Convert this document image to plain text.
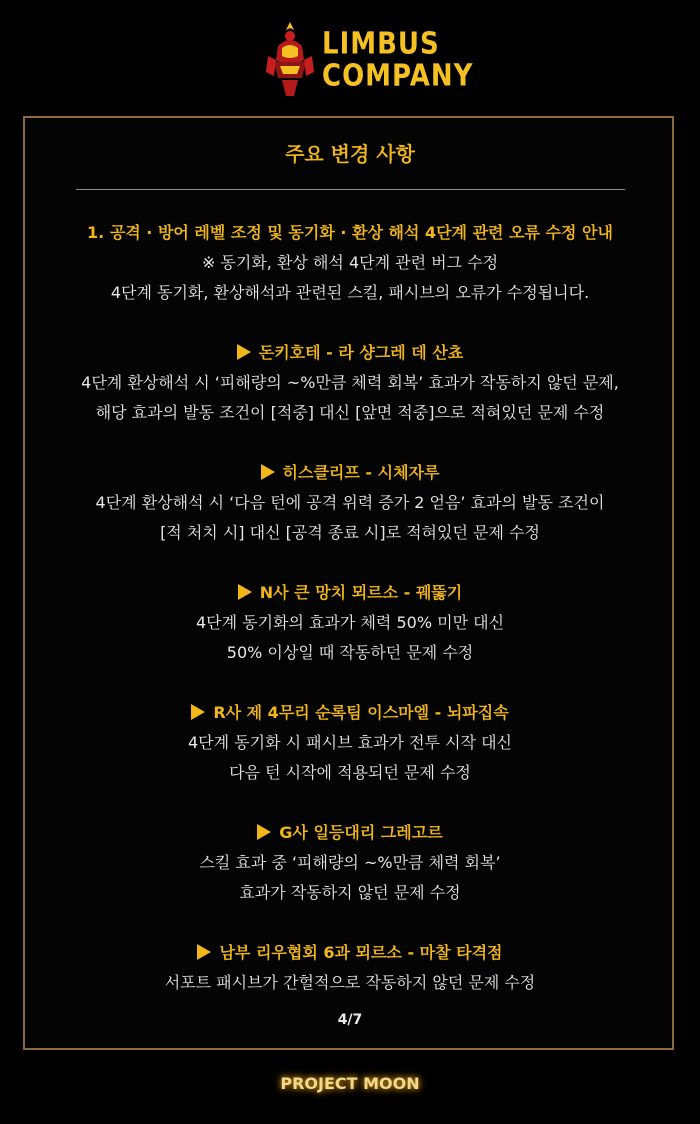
LIMBUS
COMPANY
주요 변경 사항
1. 공격 · 방어 레벨 조정 및 동기화 · 환상 해석 4단계 관련 오류 수정 안내
※ 동기화, 환상 해석 4단계 관련 버그 수정
4단계 동기화, 환상해석과 관련된 스킬, 패시브의 오류가 수정됩니다.
돈키호테 - 라 샹그레 데 산쵸
4단계 환상해석 시 ‘피해량의 ~%만큼 체력 회복’ 효과가 작동하지 않던 문제,
해당 효과의 발동 조건이 [적중] 대신 [앞면 적중]으로 적혀있던 문제 수정
히스클리프 - 시체자루
4단계 환상해석 시 ‘다음 턴에 공격 위력 증가 2 얻음’ 효과의 발동 조건이
[적 처치 시] 대신 [공격 종료 시]로 적혀있던 문제 수정
N사 큰 망치 뫼르소 - 꿰뚫기
4단계 동기화의 효과가 체력 50% 미만 대신
50% 이상일 때 작동하던 문제 수정
R사 제 4무리 순록팀 이스마엘 - 뇌파집속
4단계 동기화 시 패시브 효과가 전투 시작 대신
다음 턴 시작에 적용되던 문제 수정
G사 일등대리 그레고르
스킬 효과 중 ‘피해량의 ~%만큼 체력 회복’
효과가 작동하지 않던 문제 수정
남부 리우협회 6과 뫼르소 - 마찰 타격점
서포트 패시브가 간헐적으로 작동하지 않던 문제 수정
4/7
PROJECT MOON
